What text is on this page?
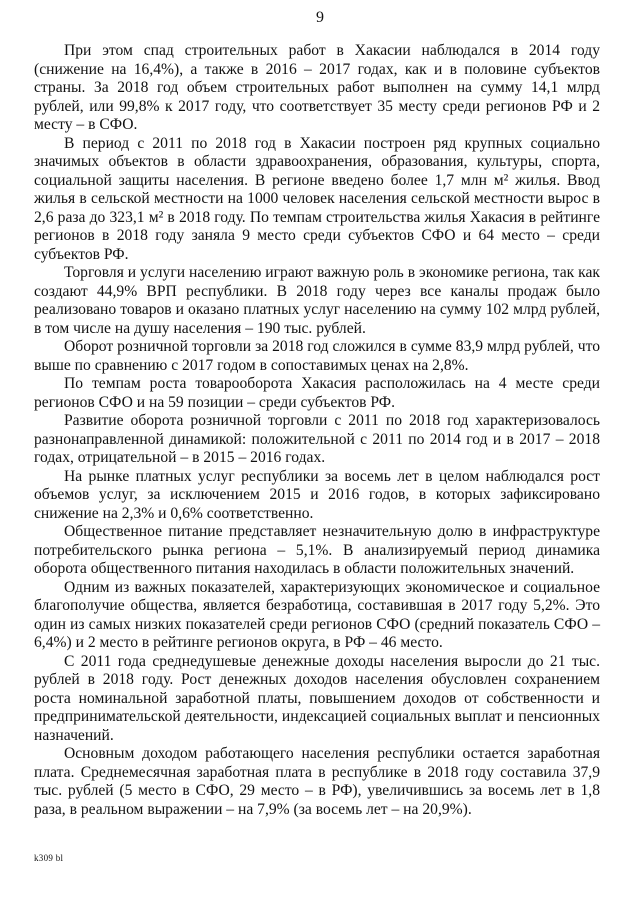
9

При этом спад строительных работ в Хакасии наблюдался в 2014 году (снижение на 16,4%), а также в 2016 – 2017 годах, как и в половине субъектов страны. За 2018 год объем строительных работ выполнен на сумму 14,1 млрд рублей, или 99,8% к 2017 году, что соответствует 35 месту среди регионов РФ и 2 месту – в СФО.

В период с 2011 по 2018 год в Хакасии построен ряд крупных социально значимых объектов в области здравоохранения, образования, культуры, спорта, социальной защиты населения. В регионе введено более 1,7 млн м² жилья. Ввод жилья в сельской местности на 1000 человек населения сельской местности вырос в 2,6 раза до 323,1 м² в 2018 году. По темпам строительства жилья Хакасия в рейтинге регионов в 2018 году заняла 9 место среди субъектов СФО и 64 место – среди субъектов РФ.

Торговля и услуги населению играют важную роль в экономике региона, так как создают 44,9% ВРП республики. В 2018 году через все каналы продаж было реализовано товаров и оказано платных услуг населению на сумму 102 млрд рублей, в том числе на душу населения – 190 тыс. рублей.

Оборот розничной торговли за 2018 год сложился в сумме 83,9 млрд рублей, что выше по сравнению с 2017 годом в сопоставимых ценах на 2,8%.

По темпам роста товарооборота Хакасия расположилась на 4 месте среди регионов СФО и на 59 позиции – среди субъектов РФ.

Развитие оборота розничной торговли с 2011 по 2018 год характеризовалось разнонаправленной динамикой: положительной с 2011 по 2014 год и в 2017 – 2018 годах, отрицательной – в 2015 – 2016 годах.

На рынке платных услуг республики за восемь лет в целом наблюдался рост объемов услуг, за исключением 2015 и 2016 годов, в которых зафиксировано снижение на 2,3% и 0,6% соответственно.

Общественное питание представляет незначительную долю в инфраструктуре потребительского рынка региона – 5,1%. В анализируемый период динамика оборота общественного питания находилась в области положительных значений.

Одним из важных показателей, характеризующих экономическое и социальное благополучие общества, является безработица, составившая в 2017 году 5,2%. Это один из самых низких показателей среди регионов СФО (средний показатель СФО – 6,4%) и 2 место в рейтинге регионов округа, в РФ – 46 место.

С 2011 года среднедушевые денежные доходы населения выросли до 21 тыс. рублей в 2018 году. Рост денежных доходов населения обусловлен сохранением роста номинальной заработной платы, повышением доходов от собственности и предпринимательской деятельности, индексацией социальных выплат и пенсионных назначений.

Основным доходом работающего населения республики остается заработная плата. Среднемесячная заработная плата в республике в 2018 году составила 37,9 тыс. рублей (5 место в СФО, 29 место – в РФ), увеличившись за восемь лет в 1,8 раза, в реальном выражении – на 7,9% (за восемь лет – на 20,9%).

k309 bl
